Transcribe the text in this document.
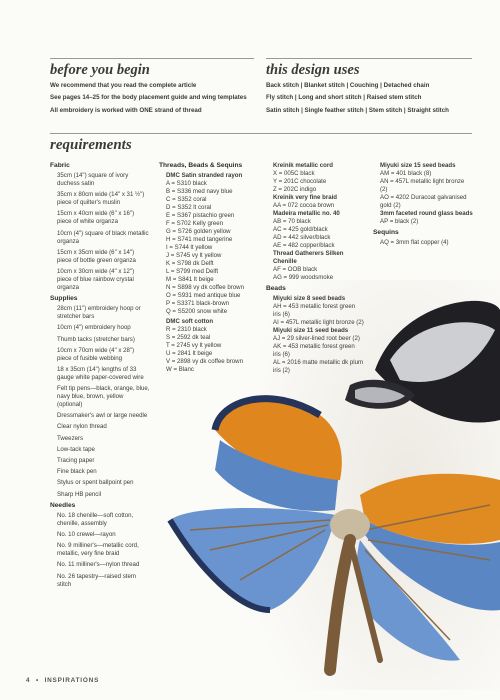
before you begin
We recommend that you read the complete article
See pages 14–25 for the body placement guide and wing templates
All embroidery is worked with ONE strand of thread
this design uses
Back stitch | Blanket stitch | Couching | Detached chain
Fly stitch | Long and short stitch | Raised stem stitch
Satin stitch | Single feather stitch | Stem stitch | Straight stitch
requirements

Fabric

35cm (14") square of ivory duchess satin

35cm x 80cm wide (14" x 31 ½") piece of quilter's muslin

15cm x 40cm wide (6" x 16") piece of white organza

10cm (4") square of black metallic organza

15cm x 35cm wide (6" x 14") piece of bottle green organza

10cm x 30cm wide (4" x 12") piece of blue rainbow crystal organza

Supplies

28cm (11") embroidery hoop or stretcher bars

10cm (4") embroidery hoop

Thumb tacks (stretcher bars)

10cm x 70cm wide (4" x 28") piece of fusible webbing

18 x 35cm (14") lengths of 33 gauge white paper-covered wire

Felt tip pens—black, orange, blue, navy blue, brown, yellow (optional)

Dressmaker's awl or large needle

Clear nylon thread

Tweezers

Low-tack tape

Tracing paper

Fine black pen

Stylus or spent ballpoint pen

Sharp HB pencil

Needles

No. 18 chenille—soft cotton, chenille, assembly

No. 10 crewel—rayon

No. 9 milliner's—metallic cord, metallic, very fine braid

No. 11 milliner's—nylon thread

No. 26 tapestry—raised stem stitch

Threads, Beads & Sequins

DMC Satin stranded rayon

A = S310 black

B = S336 med navy blue

C = S352 coral

D = S352 lt coral

E = S367 pistachio green

F = S702 Kelly green

G = S726 golden yellow

H = S741 med tangerine

I = S744 lt yellow

J = S745 vy lt yellow

K = S798 dk Delft

L = S799 med Delft

M = S841 lt beige

N = S898 vy dk coffee brown

O = S931 med antique blue

P = S3371 black-brown

Q = S5200 snow white

DMC soft cotton

R = 2310 black

S = 2592 dk teal

T = 2745 vy lt yellow

U = 2841 lt beige

V = 2898 vy dk coffee brown

W = Blanc

Kreinik metallic cord

X = 005C black

Y = 201C chocolate

Z = 202C indigo

Kreinik very fine braid

AA = 072 cocoa brown

Madeira metallic no. 40

AB = 70 black

AC = 425 gold/black

AD = 442 silver/black

AE = 482 copper/black

Thread Gatherers Silken Chenille

AF = OOB black

AG = 999 woodsmoke

Beads

Miyuki size 8 seed beads

AH = 453 metallic forest green iris (6)

AI = 457L metallic light bronze (2)

Miyuki size 11 seed beads

AJ = 29 silver-lined root beer (2)

AK = 453 metallic forest green iris (6)

AL = 2016 matte metallic dk plum iris (2)

Miyuki size 15 seed beads

AM = 401 black (8)

AN = 457L metallic light bronze (2)

AO = 4202 Duracoat galvanised gold (2)

3mm faceted round glass beads

AP = black (2)

Sequins

AQ = 3mm flat copper (4)

4 • INSPIRATIONS
